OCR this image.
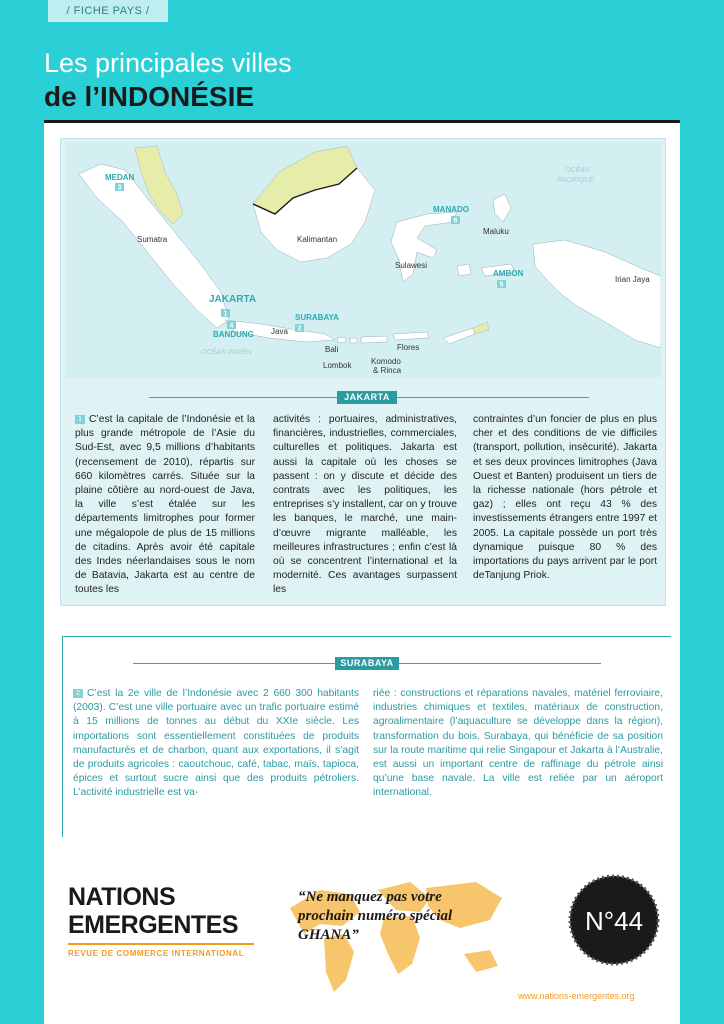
/ FICHE PAYS /
Les principales villes
de l’INDONÉSIE
Sumatra	Kalimantan
Sulawesi
Maluku
Irian Jaya
Java
Bali
Lombok
Flores
Komodo
& Rinca
OCÉAN
PACIFIQUE
OCÉAN INDIEN
MEDAN
3
JAKARTA
1
4
BANDUNG
SURABAYA
2
MANADO
6
AMBON
5
JAKARTA
1 C’est la capitale de l’Indonésie et la plus grande métropole de l’Asie du Sud-Est, avec 9,5 millions d’habitants (recensement de 2010), répartis sur 660 kilomètres carrés. Située sur la plaine côtière au nord-ouest de Java, la ville s’est étalée sur les départements limitrophes pour former une mégalopole de plus de 15 millions de citadins. Après avoir été capitale des Indes néerlandaises sous le nom de Batavia, Jakarta est au centre de toutes les
activités : portuaires, administratives, financières, industrielles, commerciales, culturelles et politiques. Jakarta est aussi la capitale où les choses se passent : on y discute et décide des contrats avec les politiques, les entreprises s’y installent, car on y trouve les banques, le marché, une main-d’œuvre migrante malléable, les meilleures infrastructures ; enfin c’est là où se concentrent l’international et la modernité. Ces avantages surpassent les
contraintes d’un foncier de plus en plus cher et des conditions de vie difficiles (transport, pollution, insécurité). Jakarta et ses deux provinces limitrophes (Java Ouest et Banten) produisent un tiers de la richesse nationale (hors pétrole et gaz) ; elles ont reçu 43 % des investissements étrangers entre 1997 et 2005. La capitale possède un port très dynamique puisque 80 % des importations du pays arrivent par le port deTanjung Priok.
SURABAYA
2 C’est la 2e ville de l’Indonésie avec 2 660 300 habitants (2003). C’est une ville portuaire avec un trafic portuaire estimé à 15 millions de tonnes au début du XXIe siècle. Les importations sont essentiellement constituées de produits manufacturés et de charbon, quant aux exportations, il s’agit de produits agricoles : caoutchouc, café, tabac, maïs, tapioca, épices et surtout sucre ainsi que des produits pétroliers. L’activité industrielle est va-
riée : constructions et réparations navales, matériel ferroviaire, industries chimiques et textiles, matériaux de construction, agroalimentaire (l’aquaculture se développe dans la région), transformation du bois. Surabaya, qui bénéficie de sa position sur la route maritime qui relie Singapour et Jakarta à l’Australie, est aussi un important centre de raffinage du pétrole ainsi qu’une base navale. La ville est reliée par un aéroport international.
NATIONS
EMERGENTES
REVUE DE COMMERCE INTERNATIONAL
“Ne manquez pas votre prochain numéro spécial GHANA”	N°44
www.nations-emergentes.org
